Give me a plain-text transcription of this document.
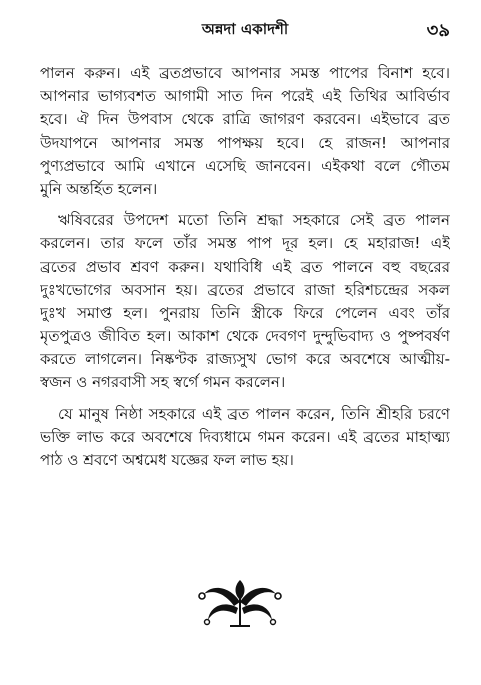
অন্নদা একাদশী	৩৯
পালন করুন। এই ব্রতপ্রভাবে আপনার সমস্ত পাপের বিনাশ হবে।
আপনার ভাগ্যবশত আগামী সাত দিন পরেই এই তিথির আবির্ভাব
হবে। ঐ দিন উপবাস থেকে রাত্রি জাগরণ করবেন। এইভাবে ব্রত
উদযাপনে আপনার সমস্ত পাপক্ষয় হবে। হে রাজন! আপনার
পুণ্যপ্রভাবে আমি এখানে এসেছি জানবেন। এইকথা বলে গৌতম
মুনি অন্তর্হিত হলেন।
ঋষিবরের উপদেশ মতো তিনি শ্রদ্ধা সহকারে সেই ব্রত পালন
করলেন। তার ফলে তাঁর সমস্ত পাপ দূর হল। হে মহারাজ! এই
ব্রতের প্রভাব শ্রবণ করুন। যথাবিধি এই ব্রত পালনে বহু বছরের
দুঃখভোগের অবসান হয়। ব্রতের প্রভাবে রাজা হরিশচন্দ্রের সকল
দুঃখ সমাপ্ত হল। পুনরায় তিনি স্ত্রীকে ফিরে পেলেন এবং তাঁর
মৃতপুত্রও জীবিত হল। আকাশ থেকে দেবগণ দুন্দুভিবাদ্য ও পুষ্পবর্ষণ
করতে লাগলেন। নিষ্কণ্টক রাজ্যসুখ ভোগ করে অবশেষে আত্মীয়-
স্বজন ও নগরবাসী সহ স্বর্গে গমন করলেন।
যে মানুষ নিষ্ঠা সহকারে এই ব্রত পালন করেন, তিনি শ্রীহরি চরণে
ভক্তি লাভ করে অবশেষে দিব্যধামে গমন করেন। এই ব্রতের মাহাত্ম্য
পাঠ ও শ্রবণে অশ্বমেধ যজ্ঞের ফল লাভ হয়।
